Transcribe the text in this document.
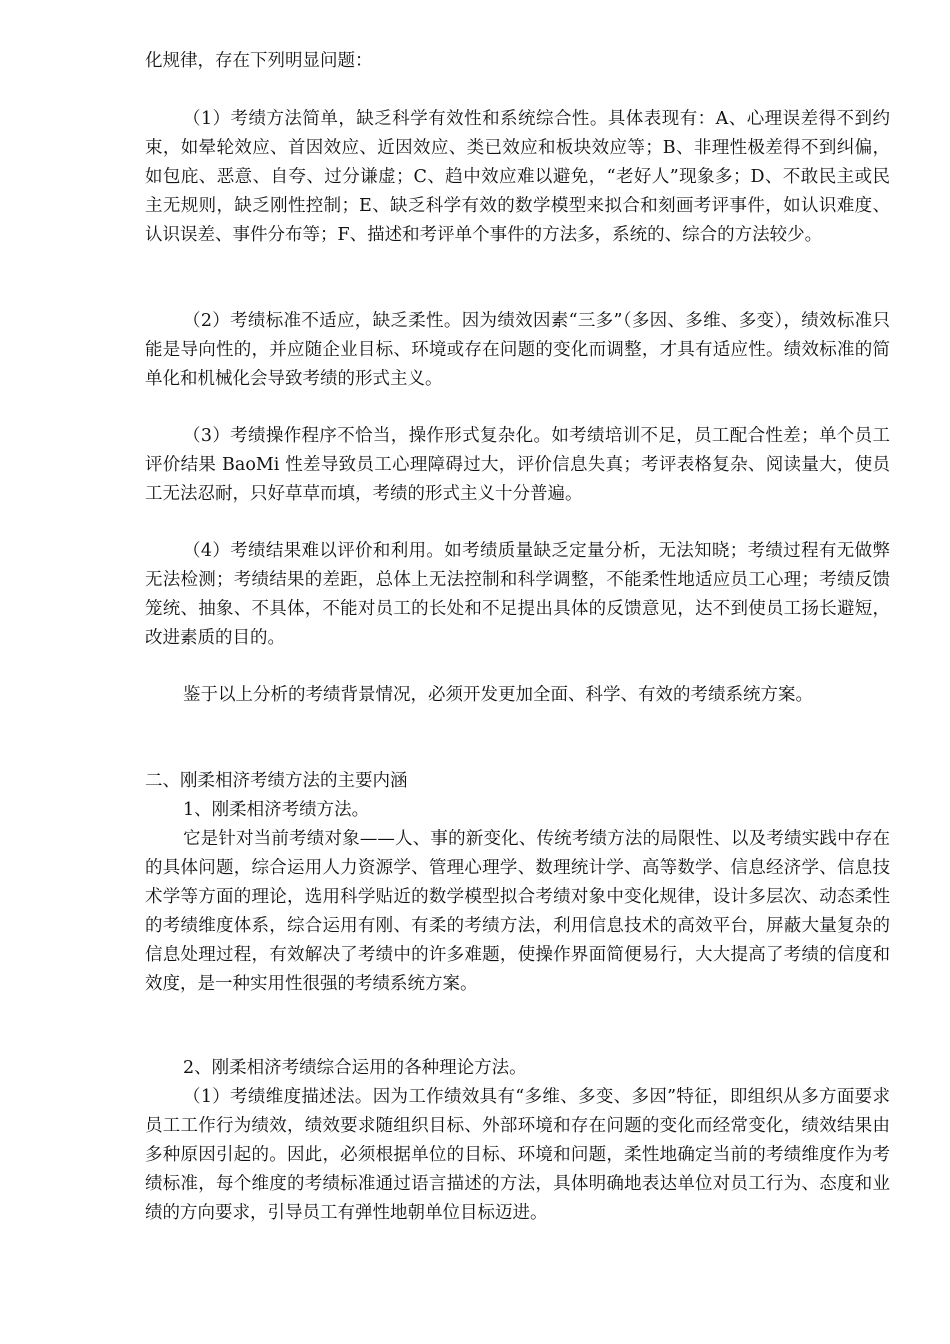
化规律，存在下列明显问题：

（1）考绩方法简单，缺乏科学有效性和系统综合性。具体表现有：A、心理误差得不到约束，如晕轮效应、首因效应、近因效应、类已效应和板块效应等；B、非理性极差得不到纠偏，如包庇、恶意、自夸、过分谦虚；C、趋中效应难以避免，“老好人”现象多；D、不敢民主或民主无规则，缺乏刚性控制；E、缺乏科学有效的数学模型来拟合和刻画考评事件，如认识难度、认识误差、事件分布等；F、描述和考评单个事件的方法多，系统的、综合的方法较少。

（2）考绩标准不适应，缺乏柔性。因为绩效因素“三多”（多因、多维、多变），绩效标准只能是导向性的，并应随企业目标、环境或存在问题的变化而调整，才具有适应性。绩效标准的简单化和机械化会导致考绩的形式主义。

（3）考绩操作程序不恰当，操作形式复杂化。如考绩培训不足，员工配合性差；单个员工评价结果 BaoMi 性差导致员工心理障碍过大，评价信息失真；考评表格复杂、阅读量大，使员工无法忍耐，只好草草而填，考绩的形式主义十分普遍。

（4）考绩结果难以评价和利用。如考绩质量缺乏定量分析，无法知晓；考绩过程有无做弊无法检测；考绩结果的差距，总体上无法控制和科学调整，不能柔性地适应员工心理；考绩反馈笼统、抽象、不具体，不能对员工的长处和不足提出具体的反馈意见，达不到使员工扬长避短，改进素质的目的。

鉴于以上分析的考绩背景情况，必须开发更加全面、科学、有效的考绩系统方案。

二、刚柔相济考绩方法的主要内涵

1、刚柔相济考绩方法。

它是针对当前考绩对象——人、事的新变化、传统考绩方法的局限性、以及考绩实践中存在的具体问题，综合运用人力资源学、管理心理学、数理统计学、高等数学、信息经济学、信息技术学等方面的理论，选用科学贴近的数学模型拟合考绩对象中变化规律，设计多层次、动态柔性的考绩维度体系，综合运用有刚、有柔的考绩方法，利用信息技术的高效平台，屏蔽大量复杂的信息处理过程，有效解决了考绩中的许多难题，使操作界面简便易行，大大提高了考绩的信度和效度，是一种实用性很强的考绩系统方案。

2、刚柔相济考绩综合运用的各种理论方法。

（1）考绩维度描述法。因为工作绩效具有“多维、多变、多因”特征，即组织从多方面要求员工工作行为绩效，绩效要求随组织目标、外部环境和存在问题的变化而经常变化，绩效结果由多种原因引起的。因此，必须根据单位的目标、环境和问题，柔性地确定当前的考绩维度作为考绩标准，每个维度的考绩标准通过语言描述的方法，具体明确地表达单位对员工行为、态度和业绩的方向要求，引导员工有弹性地朝单位目标迈进。
